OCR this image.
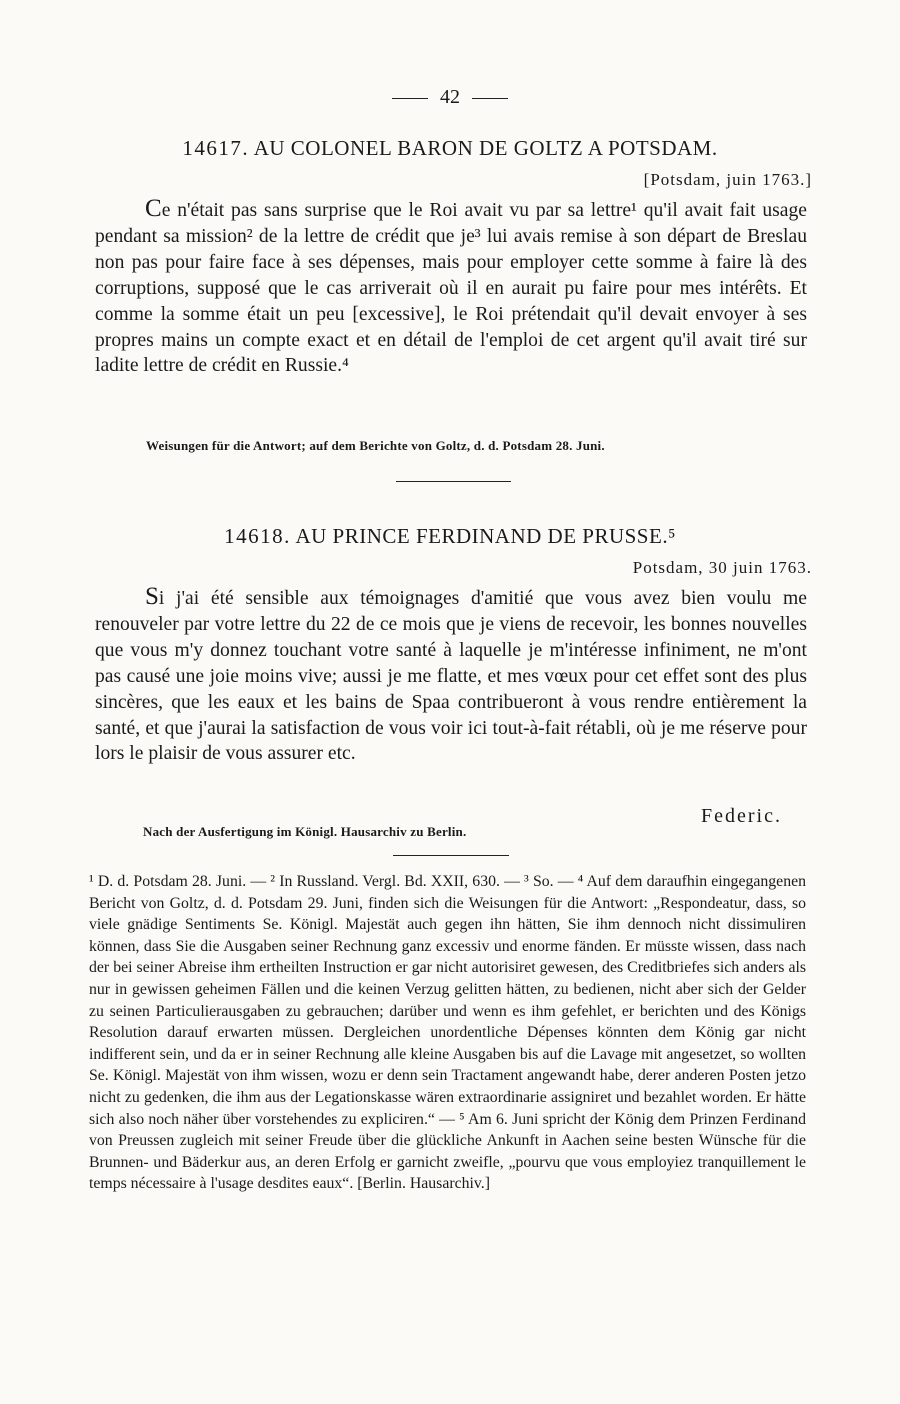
42
14617. AU COLONEL BARON DE GOLTZ A POTSDAM.
[Potsdam, juin 1763.]

Ce n'était pas sans surprise que le Roi avait vu par sa lettre¹ qu'il avait fait usage pendant sa mission² de la lettre de crédit que je³ lui avais remise à son départ de Breslau non pas pour faire face à ses dépenses, mais pour employer cette somme à faire là des corruptions, supposé que le cas arriverait où il en aurait pu faire pour mes intérêts. Et comme la somme était un peu [excessive], le Roi prétendait qu'il devait envoyer à ses propres mains un compte exact et en détail de l'emploi de cet argent qu'il avait tiré sur ladite lettre de crédit en Russie.⁴

Weisungen für die Antwort; auf dem Berichte von Goltz, d. d. Potsdam 28. Juni.
14618. AU PRINCE FERDINAND DE PRUSSE.⁵
Potsdam, 30 juin 1763.

Si j'ai été sensible aux témoignages d'amitié que vous avez bien voulu me renouveler par votre lettre du 22 de ce mois que je viens de recevoir, les bonnes nouvelles que vous m'y donnez touchant votre santé à laquelle je m'intéresse infiniment, ne m'ont pas causé une joie moins vive; aussi je me flatte, et mes vœux pour cet effet sont des plus sincères, que les eaux et les bains de Spaa contribueront à vous rendre entièrement la santé, et que j'aurai la satisfaction de vous voir ici tout-à-fait rétabli, où je me réserve pour lors le plaisir de vous assurer etc.

Federic.
Nach der Ausfertigung im Königl. Hausarchiv zu Berlin.

¹ D. d. Potsdam 28. Juni. — ² In Russland. Vergl. Bd. XXII, 630. — ³ So. — ⁴ Auf dem daraufhin eingegangenen Bericht von Goltz, d. d. Potsdam 29. Juni, finden sich die Weisungen für die Antwort: „Respondeatur, dass, so viele gnädige Sentiments Se. Königl. Majestät auch gegen ihn hätten, Sie ihm dennoch nicht dissimuliren können, dass Sie die Ausgaben seiner Rechnung ganz excessiv und enorme fänden. Er müsste wissen, dass nach der bei seiner Abreise ihm ertheilten Instruction er gar nicht autorisiret gewesen, des Creditbriefes sich anders als nur in gewissen geheimen Fällen und die keinen Verzug gelitten hätten, zu bedienen, nicht aber sich der Gelder zu seinen Particulierausgaben zu gebrauchen; darüber und wenn es ihm gefehlet, er berichten und des Königs Resolution darauf erwarten müssen. Dergleichen unordentliche Dépenses könnten dem König gar nicht indifferent sein, und da er in seiner Rechnung alle kleine Ausgaben bis auf die Lavage mit angesetzet, so wollten Se. Königl. Majestät von ihm wissen, wozu er denn sein Tractament angewandt habe, derer anderen Posten jetzo nicht zu gedenken, die ihm aus der Legationskasse wären extraordinarie assigniret und bezahlet worden. Er hätte sich also noch näher über vorstehendes zu expliciren.“ — ⁵ Am 6. Juni spricht der König dem Prinzen Ferdinand von Preussen zugleich mit seiner Freude über die glückliche Ankunft in Aachen seine besten Wünsche für die Brunnen- und Bäderkur aus, an deren Erfolg er garnicht zweifle, „pourvu que vous employiez tranquillement le temps nécessaire à l'usage desdites eaux“. [Berlin. Hausarchiv.]
